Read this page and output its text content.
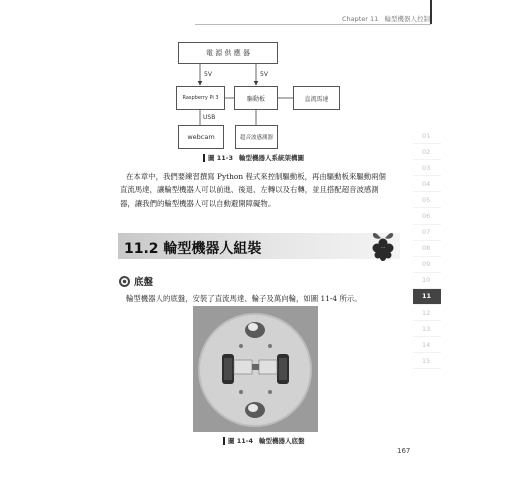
Chapter 11 輪型機器人控制
電 源 供 應 器
5V	5V
Raspberry Pi 3	驅動板	直流馬達
USB
webcam	超音波感測器
圖 11-3 輪型機器人系統架構圖
在本章中，我們要練習撰寫 Python 程式來控制驅動板，再由驅動板來驅動兩個
直流馬達，讓輪型機器人可以前進、後退、左轉以及右轉，並且搭配超音波感測
器，讓我們的輪型機器人可以自動避開障礙物。
11.2 輪型機器人組裝
底盤
輪型機器人的底盤，安裝了直流馬達、輪子及萬向輪，如圖 11-4 所示。
圖 11-4 輪型機器人底盤
01
02
03
04
05
06
07
08
09
10
11
12
13
14
15
167
